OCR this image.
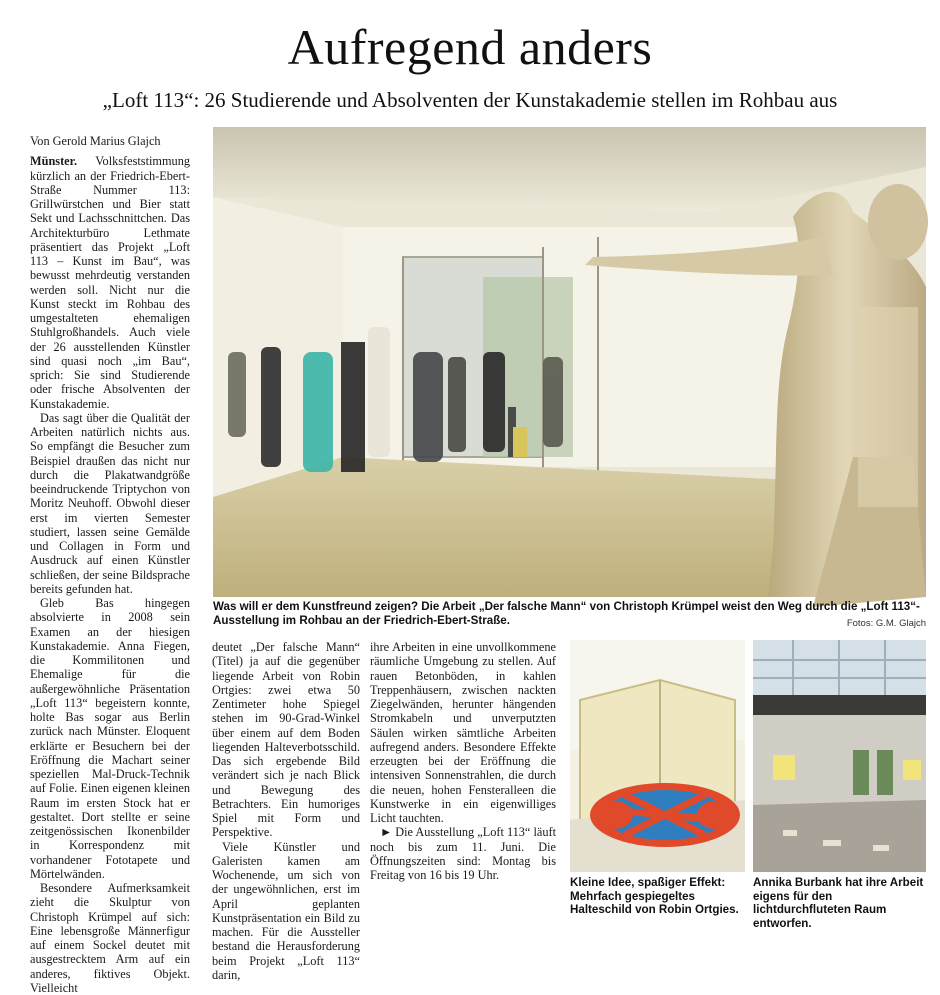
Aufregend anders
„Loft 113“: 26 Studierende und Absolventen der Kunstakademie stellen im Rohbau aus

Von Gerold Marius Glajch

Münster. Volksfeststimmung kürzlich an der Friedrich-Ebert-Straße Nummer 113: Grillwürstchen und Bier statt Sekt und Lachsschnittchen. Das Architekturbüro Lethmate präsentiert das Projekt „Loft 113 – Kunst im Bau“, was bewusst mehrdeutig verstanden werden soll. Nicht nur die Kunst steckt im Rohbau des umgestalteten ehemaligen Stuhlgroßhandels. Auch viele der 26 ausstellenden Künstler sind quasi noch „im Bau“, sprich: Sie sind Studierende oder frische Absolventen der Kunstakademie.

Das sagt über die Qualität der Arbeiten natürlich nichts aus. So empfängt die Besucher zum Beispiel draußen das nicht nur durch die Plakatwandgröße beeindruckende Triptychon von Moritz Neuhoff. Obwohl dieser erst im vierten Semester studiert, lassen seine Gemälde und Collagen in Form und Ausdruck auf einen Künstler schließen, der seine Bildsprache bereits gefunden hat.

Gleb Bas hingegen absolvierte in 2008 sein Examen an der hiesigen Kunstakademie. Anna Fiegen, die Kommilitonen und Ehemalige für die außergewöhnliche Präsentation „Loft 113“ begeistern konnte, holte Bas sogar aus Berlin zurück nach Münster. Eloquent erklärte er Besuchern bei der Eröffnung die Machart seiner speziellen Mal-Druck-Technik auf Folie. Einen eigenen kleinen Raum im ersten Stock hat er gestaltet. Dort stellte er seine zeitgenössischen Ikonenbilder in Korrespondenz mit vorhandener Fototapete und Mörtelwänden.

Besondere Aufmerksamkeit zieht die Skulptur von Christoph Krümpel auf sich: Eine lebensgroße Männerfigur auf einem Sockel deutet mit ausgestrecktem Arm auf ein anderes, fiktives Objekt. Vielleicht

Was will er dem Kunstfreund zeigen? Die Arbeit „Der falsche Mann“ von Christoph Krümpel weist den Weg durch die „Loft 113“-Ausstellung im Rohbau an der Friedrich-Ebert-Straße.	Fotos: G.M. Glajch

deutet „Der falsche Mann“ (Titel) ja auf die gegenüber liegende Arbeit von Robin Ortgies: zwei etwa 50 Zentimeter hohe Spiegel stehen im 90-Grad-Winkel über einem auf dem Boden liegenden Halteverbotsschild. Das sich ergebende Bild verändert sich je nach Blick und Bewegung des Betrachters. Ein humoriges Spiel mit Form und Perspektive.

Viele Künstler und Galeristen kamen am Wochenende, um sich von der ungewöhnlichen, erst im April geplanten Kunstpräsentation ein Bild zu machen. Für die Aussteller bestand die Herausforderung beim Projekt „Loft 113“ darin,

ihre Arbeiten in eine unvollkommene räumliche Umgebung zu stellen. Auf rauen Betonböden, in kahlen Treppenhäusern, zwischen nackten Ziegelwänden, herunter hängenden Stromkabeln und unverputzten Säulen wirken sämtliche Arbeiten aufregend anders. Besondere Effekte erzeugten bei der Eröffnung die intensiven Sonnenstrahlen, die durch die neuen, hohen Fensteralleen die Kunstwerke in ein eigenwilliges Licht tauchten.

► Die Ausstellung „Loft 113“ läuft noch bis zum 11. Juni. Die Öffnungszeiten sind: Montag bis Freitag von 16 bis 19 Uhr.

Kleine Idee, spaßiger Effekt: Mehrfach gespiegeltes Halteschild von Robin Ortgies.
Annika Burbank hat ihre Arbeit eigens für den lichtdurchfluteten Raum entworfen.
